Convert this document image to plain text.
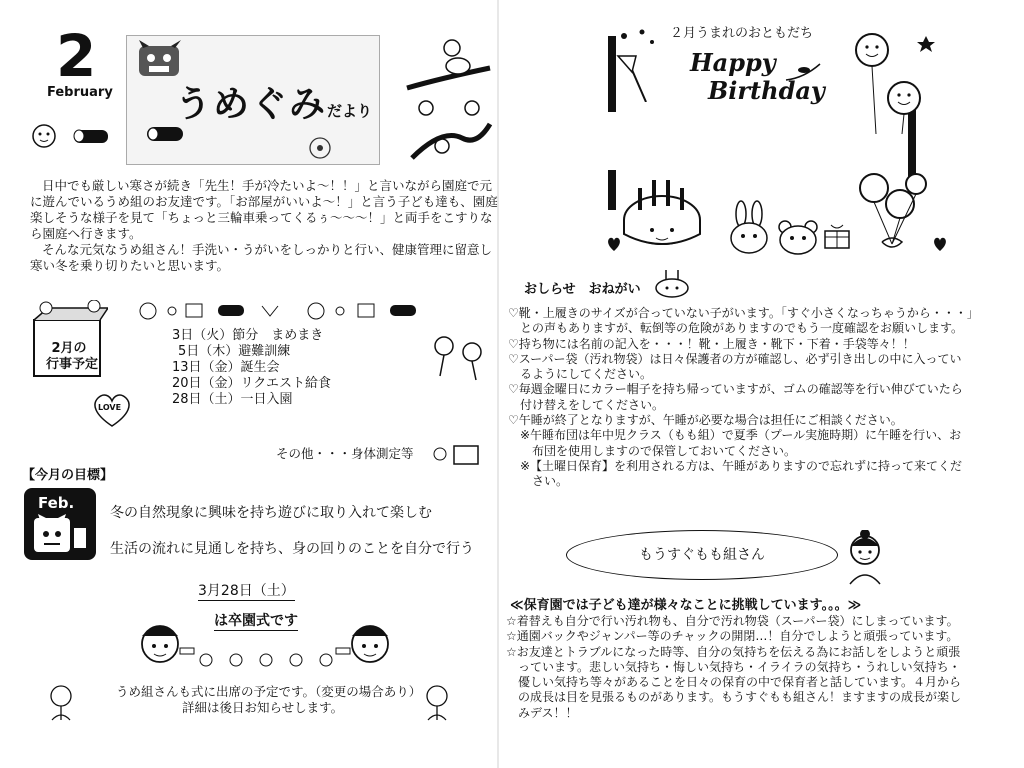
2
February うめぐみだより
日中でも厳しい寒さが続き「先生！手が冷たいよ～！！」と言いながら園庭で元
に遊んでいるうめ組のお友達です。「お部屋がいいよ～！」と言う子ども達も、園庭
楽しそうな様子を見て「ちょっと三輪車乗ってくるぅ～～～！」と両手をこすりな
ら園庭へ行きます。
そんな元気なうめ組さん！手洗い・うがいをしっかりと行い、健康管理に留意し
寒い冬を乗り切りたいと思います。
2月の
行事予定
3日（火）節分　まめまき
5日（木）避難訓練
13日（金）誕生会
20日（金）リクエスト給食
28日（土）一日入園
LOVE
その他・・・身体測定等
【今月の目標】
Feb.
冬の自然現象に興味を持ち遊びに取り入れて楽しむ
生活の流れに見通しを持ち、身の回りのことを自分で行う
3月28日（土）
は卒園式です
うめ組さんも式に出席の予定です。（変更の場合あり）
詳細は後日お知らせします。
２月うまれのおともだち
Happy
Birthday
おしらせ　おねがい
♡靴・上履きのサイズが合っていない子がいます。「すぐ小さくなっちゃうから・・・」
　との声もありますが、転倒等の危険がありますのでもう一度確認をお願いします。
♡持ち物には名前の記入を・・・！靴・上履き・靴下・下着・手袋等々！！
♡スーパー袋（汚れ物袋）は日々保護者の方が確認し、必ず引き出しの中に入ってい
　るようにしてください。
♡毎週金曜日にカラー帽子を持ち帰っていますが、ゴムの確認等を行い伸びていたら
　付け替えをしてください。
♡午睡が終了となりますが、午睡が必要な場合は担任にご相談ください。
　※午睡布団は年中児クラス（もも組）で夏季（プール実施時期）に午睡を行い、お
　　布団を使用しますので保管しておいてください。
　※【土曜日保育】を利用される方は、午睡がありますので忘れずに持って来てくだ
　　さい。
もうすぐもも組さん
≪保育園では子ども達が様々なことに挑戦しています。。。≫
☆着替えも自分で行い汚れ物も、自分で汚れ物袋（スーパー袋）にしまっています。
☆通園バックやジャンパー等のチャックの開閉…！自分でしようと頑張っています。
☆お友達とトラブルになった時等、自分の気持ちを伝える為にお話しをしようと頑張
　っています。悲しい気持ち・悔しい気持ち・イライラの気持ち・うれしい気持ち・
　優しい気持ち等々があることを日々の保育の中で保育者と話しています。４月から
　の成長は目を見張るものがあります。もうすぐもも組さん！ますますの成長が楽し
　みデス！！
